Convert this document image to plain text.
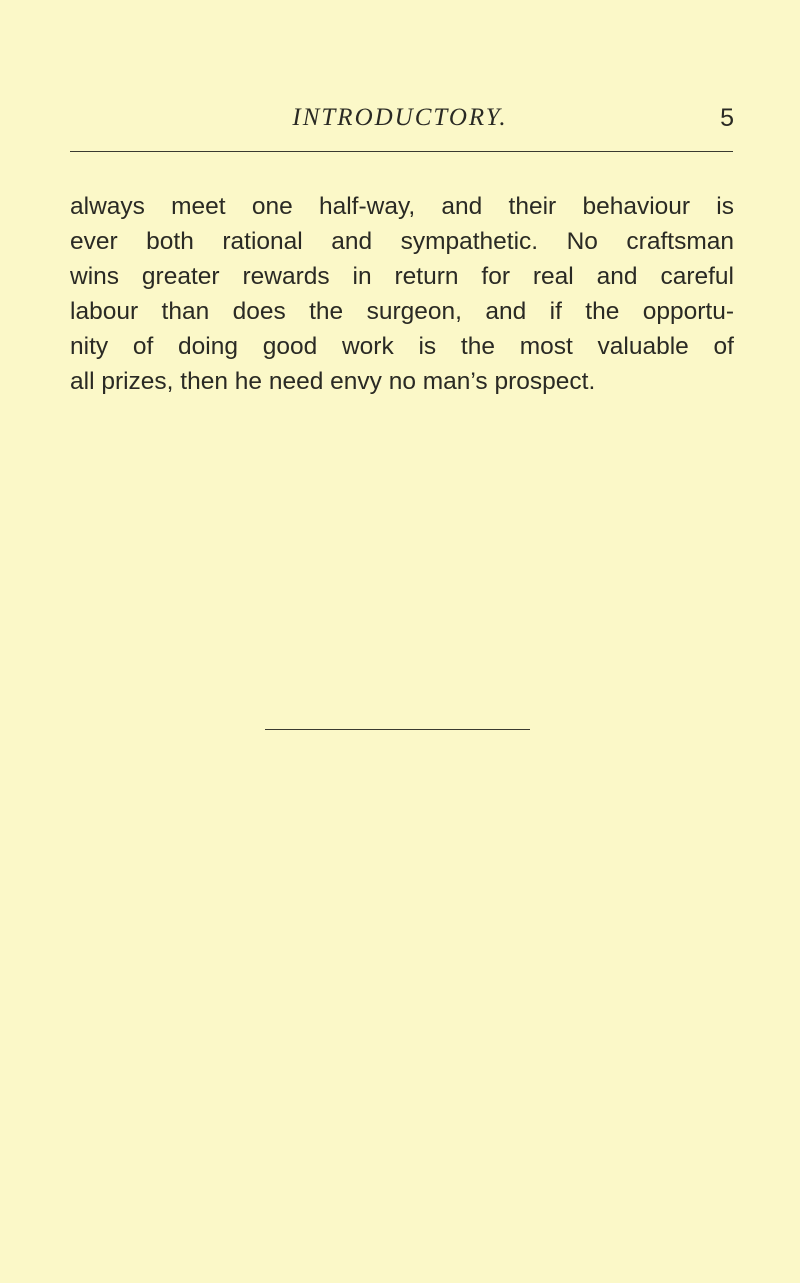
INTRODUCTORY.	5

always meet one half-way, and their behaviour is
ever both rational and sympathetic. No craftsman
wins greater rewards in return for real and careful
labour than does the surgeon, and if the opportu-
nity of doing good work is the most valuable of
all prizes, then he need envy no man’s prospect.
